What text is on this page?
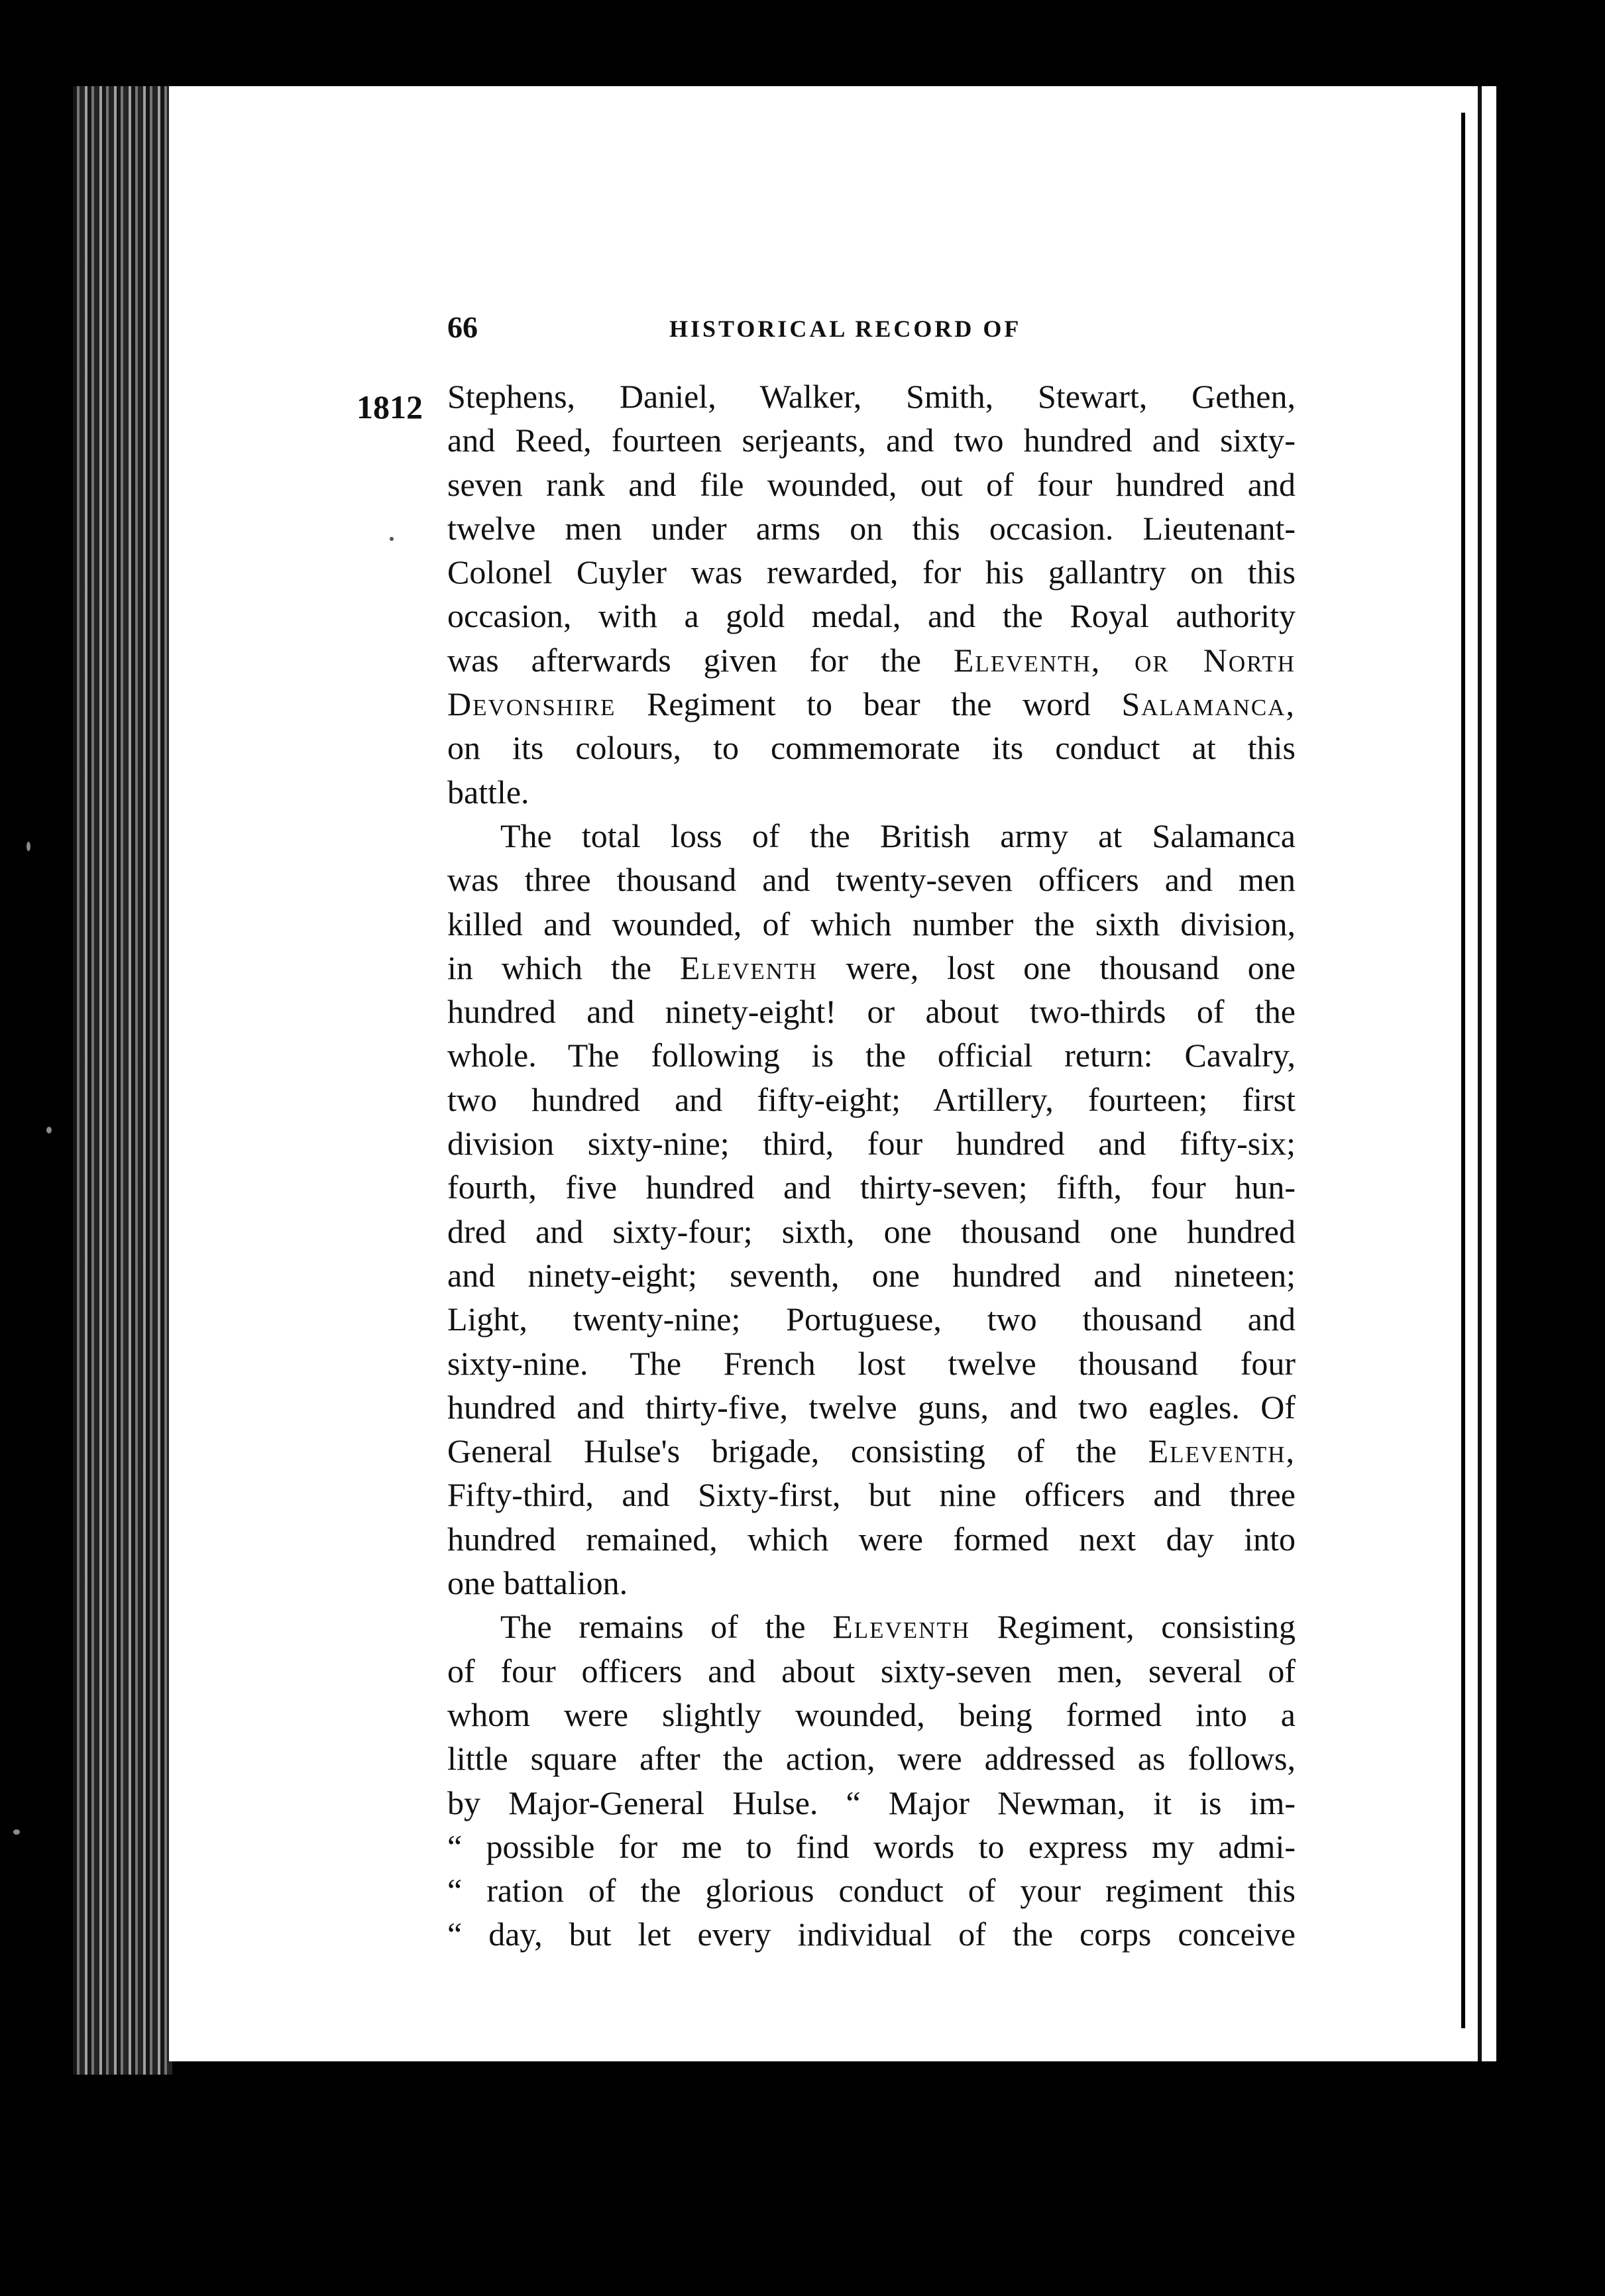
66	HISTORICAL RECORD OF
1812 Stephens, Daniel, Walker, Smith, Stewart, Gethen,
and Reed, fourteen serjeants, and two hundred and sixty-
seven rank and file wounded, out of four hundred and
twelve men under arms on this occasion. Lieutenant-
Colonel Cuyler was rewarded, for his gallantry on this
occasion, with a gold medal, and the Royal authority
was afterwards given for the Eleventh, or North
Devonshire Regiment to bear the word Salamanca,
on its colours, to commemorate its conduct at this
battle.
The total loss of the British army at Salamanca
was three thousand and twenty-seven officers and men
killed and wounded, of which number the sixth division,
in which the Eleventh were, lost one thousand one
hundred and ninety-eight! or about two-thirds of the
whole. The following is the official return: Cavalry,
two hundred and fifty-eight; Artillery, fourteen; first
division sixty-nine; third, four hundred and fifty-six;
fourth, five hundred and thirty-seven; fifth, four hun-
dred and sixty-four; sixth, one thousand one hundred
and ninety-eight; seventh, one hundred and nineteen;
Light, twenty-nine; Portuguese, two thousand and
sixty-nine. The French lost twelve thousand four
hundred and thirty-five, twelve guns, and two eagles. Of
General Hulse's brigade, consisting of the Eleventh,
Fifty-third, and Sixty-first, but nine officers and three
hundred remained, which were formed next day into
one battalion.
The remains of the Eleventh Regiment, consisting
of four officers and about sixty-seven men, several of
whom were slightly wounded, being formed into a
little square after the action, were addressed as follows,
by Major-General Hulse. “ Major Newman, it is im-
“ possible for me to find words to express my admi-
“ ration of the glorious conduct of your regiment this
“ day, but let every individual of the corps conceive
